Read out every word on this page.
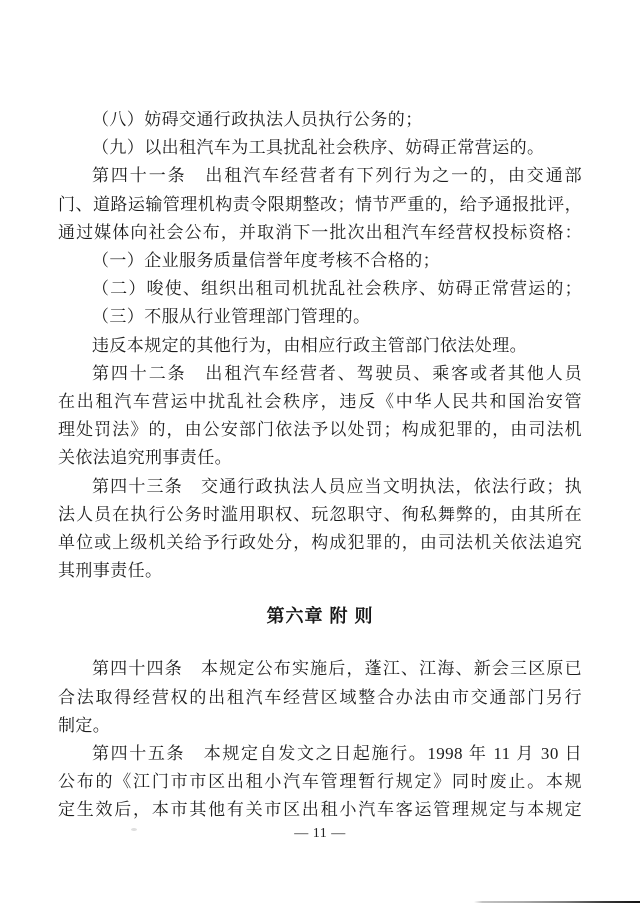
（八）妨碍交通行政执法人员执行公务的；
（九）以出租汽车为工具扰乱社会秩序、妨碍正常营运的。
第四十一条　出租汽车经营者有下列行为之一的，由交通部
门、道路运输管理机构责令限期整改；情节严重的，给予通报批评，
通过媒体向社会公布，并取消下一批次出租汽车经营权投标资格：
（一）企业服务质量信誉年度考核不合格的；
（二）唆使、组织出租司机扰乱社会秩序、妨碍正常营运的；
（三）不服从行业管理部门管理的。
违反本规定的其他行为，由相应行政主管部门依法处理。
第四十二条　出租汽车经营者、驾驶员、乘客或者其他人员
在出租汽车营运中扰乱社会秩序，违反《中华人民共和国治安管
理处罚法》的，由公安部门依法予以处罚；构成犯罪的，由司法机
关依法追究刑事责任。
第四十三条　交通行政执法人员应当文明执法，依法行政；执
法人员在执行公务时滥用职权、玩忽职守、徇私舞弊的，由其所在
单位或上级机关给予行政处分，构成犯罪的，由司法机关依法追究
其刑事责任。
第六章 附 则
第四十四条　本规定公布实施后，蓬江、江海、新会三区原已
合法取得经营权的出租汽车经营区域整合办法由市交通部门另行
制定。
第四十五条　本规定自发文之日起施行。1998 年 11 月 30 日
公布的《江门市市区出租小汽车管理暂行规定》同时废止。本规
定生效后，本市其他有关市区出租小汽车客运管理规定与本规定
— 11 —
